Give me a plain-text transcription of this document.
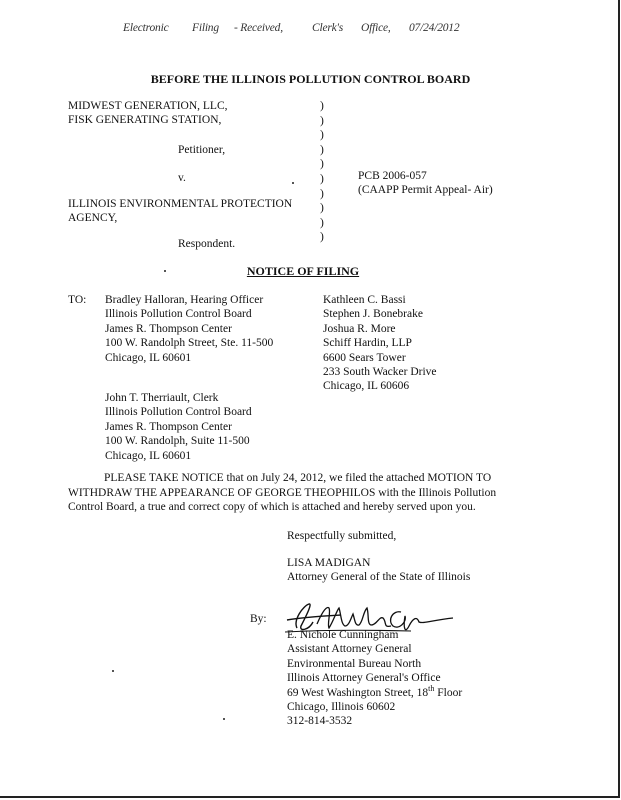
Electronic Filing - Received,	Clerk's Office, 07/24/2012
BEFORE THE ILLINOIS POLLUTION CONTROL BOARD
MIDWEST GENERATION, LLC,
FISK GENERATING STATION,
Petitioner,
v.
ILLINOIS ENVIRONMENTAL PROTECTION
AGENCY,
Respondent.
)
)
)
)
)
)
)
)
)
)
PCB 2006-057
(CAAPP Permit Appeal- Air)
NOTICE OF FILING
TO: Bradley Halloran, Hearing Officer
Illinois Pollution Control Board
James R. Thompson Center
100 W. Randolph Street, Ste. 11-500
Chicago, IL 60601
Kathleen C. Bassi
Stephen J. Bonebrake
Joshua R. More
Schiff Hardin, LLP
6600 Sears Tower
233 South Wacker Drive
Chicago, IL 60606
John T. Therriault, Clerk
Illinois Pollution Control Board
James R. Thompson Center
100 W. Randolph, Suite 11-500
Chicago, IL 60601
PLEASE TAKE NOTICE that on July 24, 2012, we filed the attached MOTION TO
WITHDRAW THE APPEARANCE OF GEORGE THEOPHILOS with the Illinois Pollution
Control Board, a true and correct copy of which is attached and hereby served upon you.
Respectfully submitted,
LISA MADIGAN
Attorney General of the State of Illinois
By:
E. Nichole Cunningham
Assistant Attorney General
Environmental Bureau North
Illinois Attorney General's Office
69 West Washington Street, 18th Floor
Chicago, Illinois 60602
312-814-3532
